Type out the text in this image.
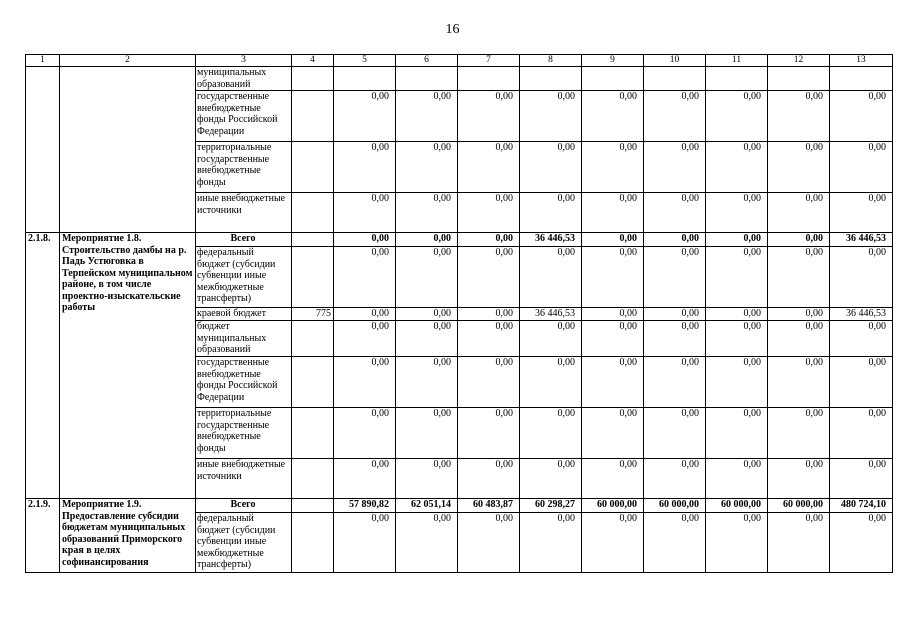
16
1	2	3	4	5	6	7	8	9	10	11	12	13
		муниципальных образований										
		государственные внебюджетные фонды Российской Федерации		0,00	0,00	0,00	0,00	0,00	0,00	0,00	0,00	0,00
		территориальные государственные внебюджетные фонды		0,00	0,00	0,00	0,00	0,00	0,00	0,00	0,00	0,00
		иные внебюджетные источники		0,00	0,00	0,00	0,00	0,00	0,00	0,00	0,00	0,00
2.1.8.	Мероприятие 1.8. Строительство дамбы на р. Падь Устюговка в Терпейском муниципальном районе, в том числе проектно-изыскательские работы	Всего		0,00	0,00	0,00	36 446,53	0,00	0,00	0,00	0,00	36 446,53
		федеральный бюджет (субсидии субвенции иные межбюджетные трансферты)		0,00	0,00	0,00	0,00	0,00	0,00	0,00	0,00	0,00
		краевой бюджет	775	0,00	0,00	0,00	36 446,53	0,00	0,00	0,00	0,00	36 446,53
		бюджет муниципальных образований		0,00	0,00	0,00	0,00	0,00	0,00	0,00	0,00	0,00
		государственные внебюджетные фонды Российской Федерации		0,00	0,00	0,00	0,00	0,00	0,00	0,00	0,00	0,00
		территориальные государственные внебюджетные фонды		0,00	0,00	0,00	0,00	0,00	0,00	0,00	0,00	0,00
		иные внебюджетные источники		0,00	0,00	0,00	0,00	0,00	0,00	0,00	0,00	0,00
2.1.9.	Мероприятие 1.9. Предоставление субсидии бюджетам муниципальных образований Приморского края в целях софинансирования	Всего		57 890,82	62 051,14	60 483,87	60 298,27	60 000,00	60 000,00	60 000,00	60 000,00	480 724,10
		федеральный бюджет (субсидии субвенции иные межбюджетные трансферты)		0,00	0,00	0,00	0,00	0,00	0,00	0,00	0,00	0,00
